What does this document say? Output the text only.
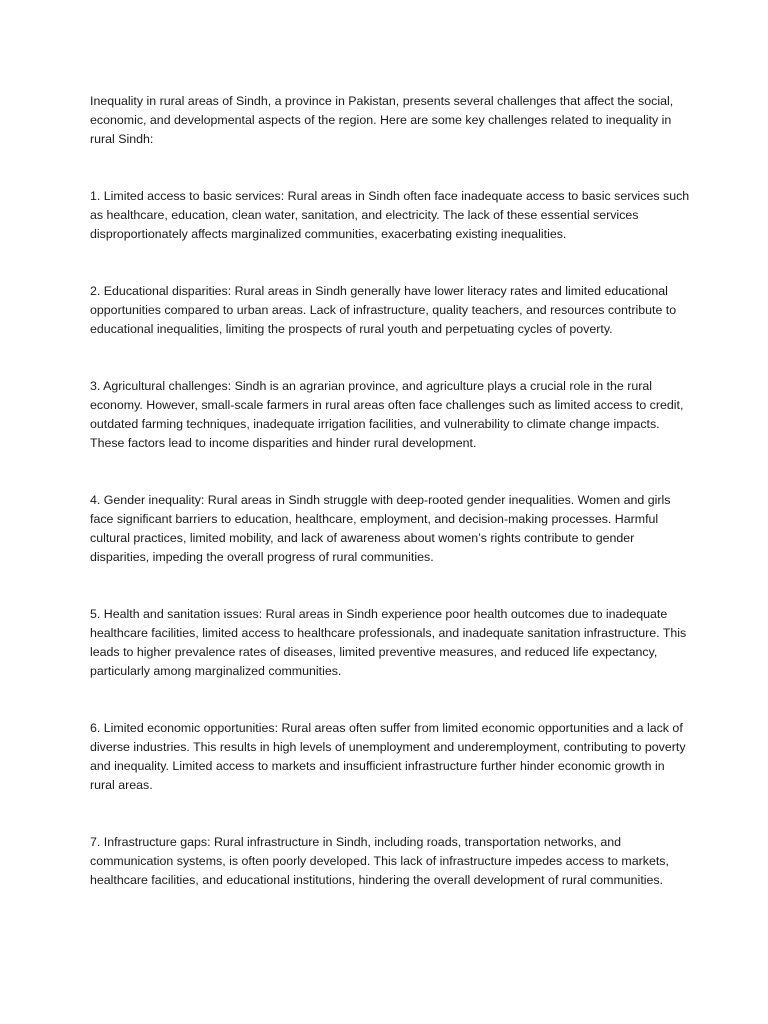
Inequality in rural areas of Sindh, a province in Pakistan, presents several challenges that affect the social, economic, and developmental aspects of the region. Here are some key challenges related to inequality in rural Sindh:

1. Limited access to basic services: Rural areas in Sindh often face inadequate access to basic services such as healthcare, education, clean water, sanitation, and electricity. The lack of these essential services disproportionately affects marginalized communities, exacerbating existing inequalities.

2. Educational disparities: Rural areas in Sindh generally have lower literacy rates and limited educational opportunities compared to urban areas. Lack of infrastructure, quality teachers, and resources contribute to educational inequalities, limiting the prospects of rural youth and perpetuating cycles of poverty.

3. Agricultural challenges: Sindh is an agrarian province, and agriculture plays a crucial role in the rural economy. However, small-scale farmers in rural areas often face challenges such as limited access to credit, outdated farming techniques, inadequate irrigation facilities, and vulnerability to climate change impacts. These factors lead to income disparities and hinder rural development.

4. Gender inequality: Rural areas in Sindh struggle with deep-rooted gender inequalities. Women and girls face significant barriers to education, healthcare, employment, and decision-making processes. Harmful cultural practices, limited mobility, and lack of awareness about women’s rights contribute to gender disparities, impeding the overall progress of rural communities.

5. Health and sanitation issues: Rural areas in Sindh experience poor health outcomes due to inadequate healthcare facilities, limited access to healthcare professionals, and inadequate sanitation infrastructure. This leads to higher prevalence rates of diseases, limited preventive measures, and reduced life expectancy, particularly among marginalized communities.

6. Limited economic opportunities: Rural areas often suffer from limited economic opportunities and a lack of diverse industries. This results in high levels of unemployment and underemployment, contributing to poverty and inequality. Limited access to markets and insufficient infrastructure further hinder economic growth in rural areas.

7. Infrastructure gaps: Rural infrastructure in Sindh, including roads, transportation networks, and communication systems, is often poorly developed. This lack of infrastructure impedes access to markets, healthcare facilities, and educational institutions, hindering the overall development of rural communities.
